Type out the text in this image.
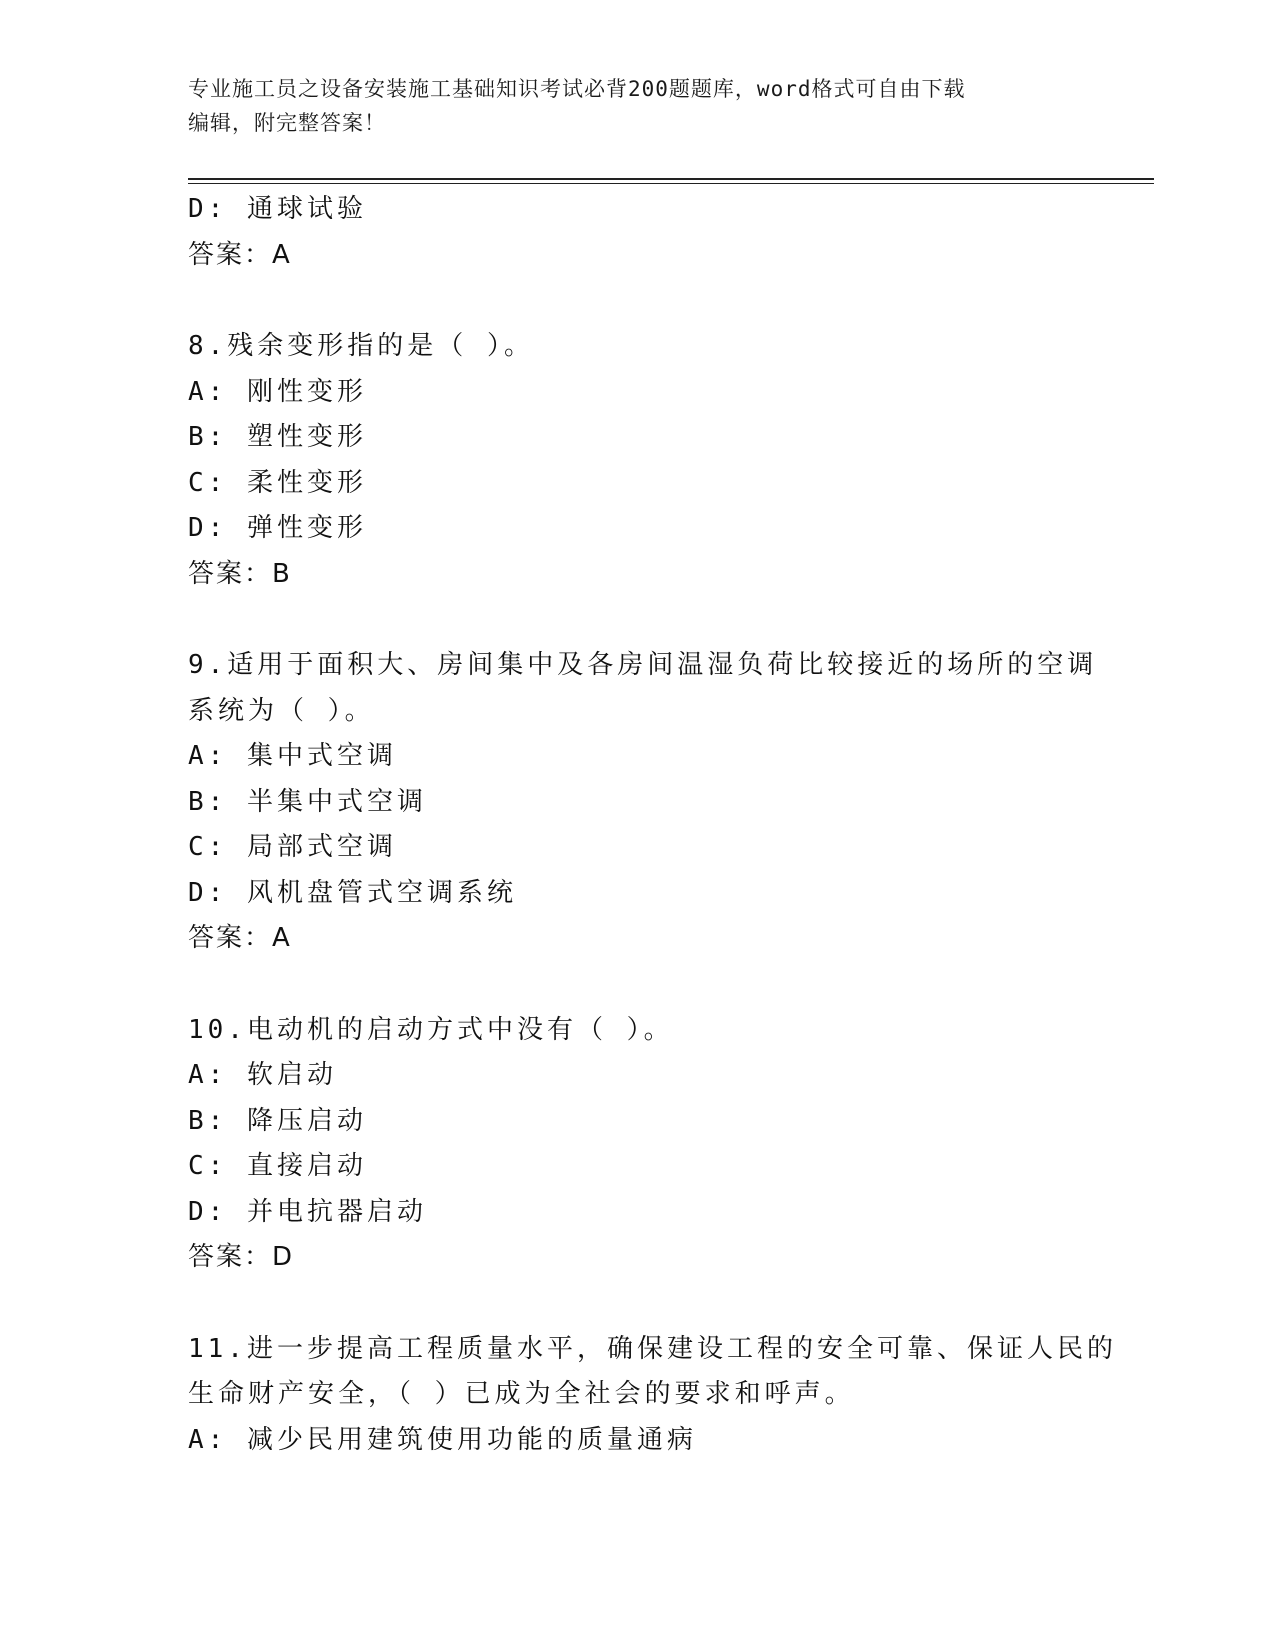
专业施工员之设备安装施工基础知识考试必背200题题库，word格式可自由下载
编辑，附完整答案！
D: 通球试验
答案：A
8.残余变形指的是（ ）。
A: 刚性变形
B: 塑性变形
C: 柔性变形
D: 弹性变形
答案：B
9.适用于面积大、房间集中及各房间温湿负荷比较接近的场所的空调
系统为（ ）。
A: 集中式空调
B: 半集中式空调
C: 局部式空调
D: 风机盘管式空调系统
答案：A
10.电动机的启动方式中没有（ ）。
A: 软启动
B: 降压启动
C: 直接启动
D: 并电抗器启动
答案：D
11.进一步提高工程质量水平，确保建设工程的安全可靠、保证人民的
生命财产安全，（ ）已成为全社会的要求和呼声。
A: 减少民用建筑使用功能的质量通病
